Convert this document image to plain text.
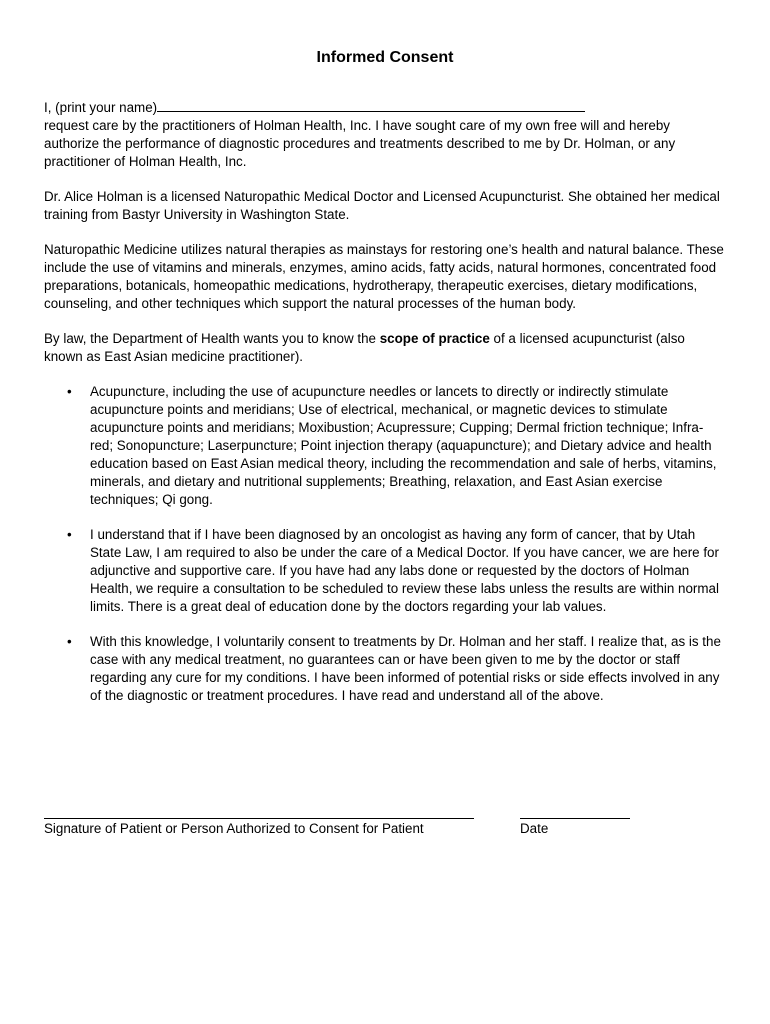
Informed Consent

I, (print your name)
request care by the practitioners of Holman Health, Inc. I have sought care of my own free will and hereby authorize the performance of diagnostic procedures and treatments described to me by Dr. Holman, or any practitioner of Holman Health, Inc.

Dr. Alice Holman is a licensed Naturopathic Medical Doctor and Licensed Acupuncturist. She obtained her medical training from Bastyr University in Washington State.

Naturopathic Medicine utilizes natural therapies as mainstays for restoring one’s health and natural balance. These include the use of vitamins and minerals, enzymes, amino acids, fatty acids, natural hormones, concentrated food preparations, botanicals, homeopathic medications, hydrotherapy, therapeutic exercises, dietary modifications, counseling, and other techniques which support the natural processes of the human body.

By law, the Department of Health wants you to know the scope of practice of a licensed acupuncturist (also known as East Asian medicine practitioner).

• Acupuncture, including the use of acupuncture needles or lancets to directly or indirectly stimulate acupuncture points and meridians; Use of electrical, mechanical, or magnetic devices to stimulate acupuncture points and meridians; Moxibustion; Acupressure; Cupping; Dermal friction technique; Infra-red; Sonopuncture; Laserpuncture; Point injection therapy (aquapuncture); and Dietary advice and health education based on East Asian medical theory, including the recommendation and sale of herbs, vitamins, minerals, and dietary and nutritional supplements; Breathing, relaxation, and East Asian exercise techniques; Qi gong.
• I understand that if I have been diagnosed by an oncologist as having any form of cancer, that by Utah State Law, I am required to also be under the care of a Medical Doctor. If you have cancer, we are here for adjunctive and supportive care. If you have had any labs done or requested by the doctors of Holman Health, we require a consultation to be scheduled to review these labs unless the results are within normal limits. There is a great deal of education done by the doctors regarding your lab values.
• With this knowledge, I voluntarily consent to treatments by Dr. Holman and her staff. I realize that, as is the case with any medical treatment, no guarantees can or have been given to me by the doctor or staff regarding any cure for my conditions. I have been informed of potential risks or side effects involved in any of the diagnostic or treatment procedures. I have read and understand all of the above.
Signature of Patient or Person Authorized to Consent for Patient	Date
